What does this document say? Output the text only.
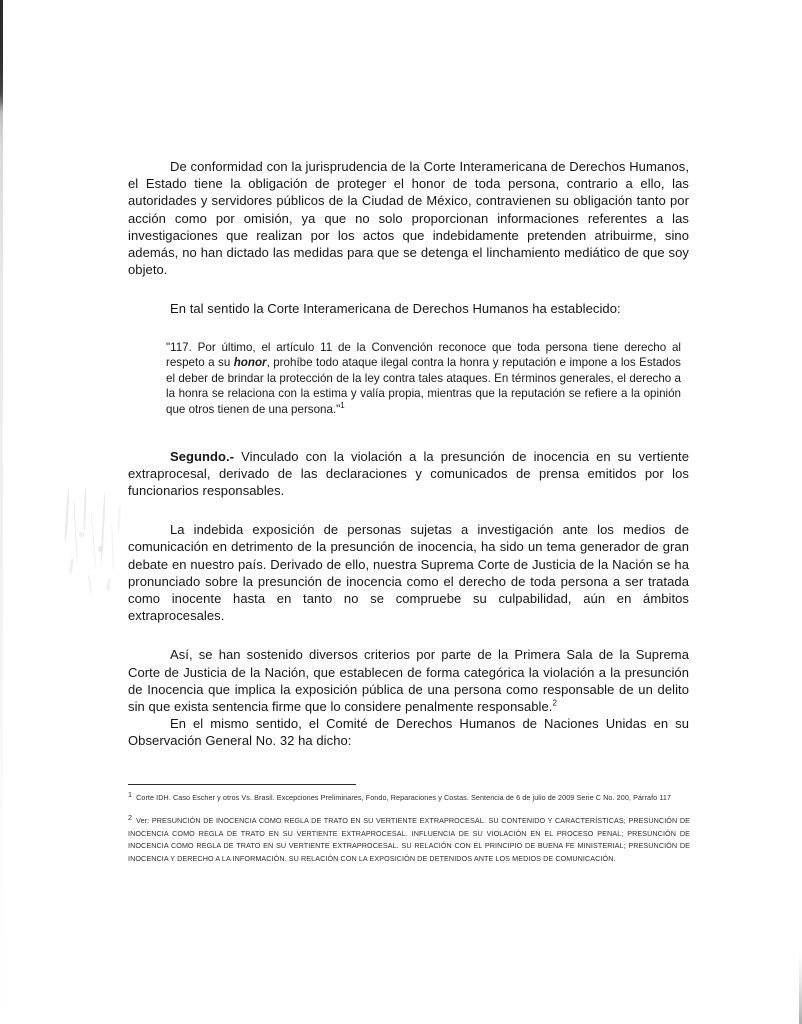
De conformidad con la jurisprudencia de la Corte Interamericana de Derechos Humanos, el Estado tiene la obligación de proteger el honor de toda persona, contrario a ello, las autoridades y servidores públicos de la Ciudad de México, contravienen su obligación tanto por acción como por omisión, ya que no solo proporcionan informaciones referentes a las investigaciones que realizan por los actos que indebidamente pretenden atribuirme, sino además, no han dictado las medidas para que se detenga el linchamiento mediático de que soy objeto.

En tal sentido la Corte Interamericana de Derechos Humanos ha establecido:

"117. Por último, el artículo 11 de la Convención reconoce que toda persona tiene derecho al respeto a su honor, prohíbe todo ataque ilegal contra la honra y reputación e impone a los Estados el deber de brindar la protección de la ley contra tales ataques. En términos generales, el derecho a la honra se relaciona con la estima y valía propia, mientras que la reputación se refiere a la opinión que otros tienen de una persona."$^1$

Segundo.- Vinculado con la violación a la presunción de inocencia en su vertiente extraprocesal, derivado de las declaraciones y comunicados de prensa emitidos por los funcionarios responsables.

La indebida exposición de personas sujetas a investigación ante los medios de comunicación en detrimento de la presunción de inocencia, ha sido un tema generador de gran debate en nuestro país. Derivado de ello, nuestra Suprema Corte de Justicia de la Nación se ha pronunciado sobre la presunción de inocencia como el derecho de toda persona a ser tratada como inocente hasta en tanto no se compruebe su culpabilidad, aún en ámbitos extraprocesales.

Así, se han sostenido diversos criterios por parte de la Primera Sala de la Suprema Corte de Justicia de la Nación, que establecen de forma categórica la violación a la presunción de Inocencia que implica la exposición pública de una persona como responsable de un delito sin que exista sentencia firme que lo considere penalmente responsable.$^2$

En el mismo sentido, el Comité de Derechos Humanos de Naciones Unidas en su Observación General No. 32 ha dicho:

1 Corte IDH. Caso Escher y otros Vs. Brasil. Excepciones Preliminares, Fondo, Reparaciones y Costas. Sentencia de 6 de julio de 2009 Serie C No. 200, Párrafo 117

2 Ver: PRESUNCIÓN DE INOCENCIA COMO REGLA DE TRATO EN SU VERTIENTE EXTRAPROCESAL. SU CONTENIDO Y CARACTERÍSTICAS; PRESUNCIÓN DE INOCENCIA COMO REGLA DE TRATO EN SU VERTIENTE EXTRAPROCESAL. INFLUENCIA DE SU VIOLACIÓN EN EL PROCESO PENAL; PRESUNCIÓN DE INOCENCIA COMO REGLA DE TRATO EN SU VERTIENTE EXTRAPROCESAL. SU RELACIÓN CON EL PRINCIPIO DE BUENA FE MINISTERIAL; PRESUNCIÓN DE INOCENCIA Y DERECHO A LA INFORMACIÓN. SU RELACIÓN CON LA EXPOSICIÓN DE DETENIDOS ANTE LOS MEDIOS DE COMUNICACIÓN.
